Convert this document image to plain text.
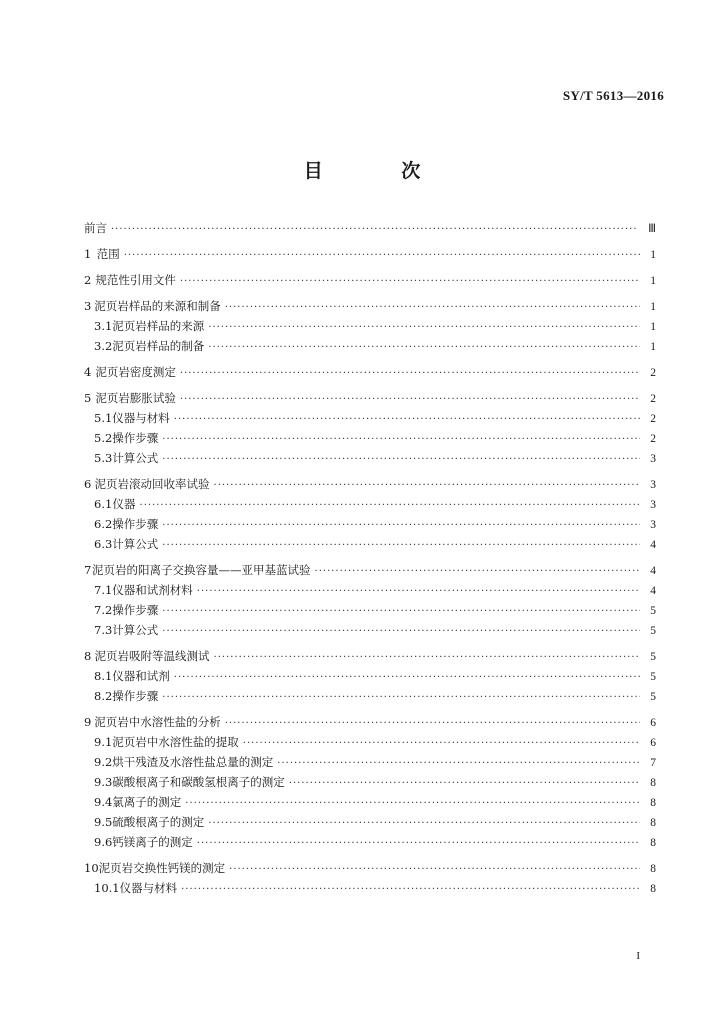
SY/T 5613—2016
目 次
前言 ·····	Ⅲ
1 范围 ·····	1
2 规范性引用文件 ·····	1
3 泥页岩样品的来源和制备 ·····	1
3.1 泥页岩样品的来源 ·····	1
3.2 泥页岩样品的制备 ·····	1
4 泥页岩密度测定 ·····	2
5 泥页岩膨胀试验 ·····	2
5.1 仪器与材料 ·····	2
5.2 操作步骤 ·····	2
5.3 计算公式 ·····	3
6 泥页岩滚动回收率试验 ·····	3
6.1 仪器 ·····	3
6.2 操作步骤 ·····	3
6.3 计算公式 ·····	4
7 泥页岩的阳离子交换容量——亚甲基蓝试验 ·····	4
7.1 仪器和试剂材料 ·····	4
7.2 操作步骤 ·····	5
7.3 计算公式 ·····	5
8 泥页岩吸附等温线测试 ·····	5
8.1 仪器和试剂 ·····	5
8.2 操作步骤 ·····	5
9 泥页岩中水溶性盐的分析 ·····	6
9.1 泥页岩中水溶性盐的提取 ·····	6
9.2 烘干残渣及水溶性盐总量的测定 ·····	7
9.3 碳酸根离子和碳酸氢根离子的测定 ·····	8
9.4 氯离子的测定 ·····	8
9.5 硫酸根离子的测定 ·····	8
9.6 钙镁离子的测定 ·····	8
10 泥页岩交换性钙镁的测定 ·····	8
10.1 仪器与材料 ·····	8
I
